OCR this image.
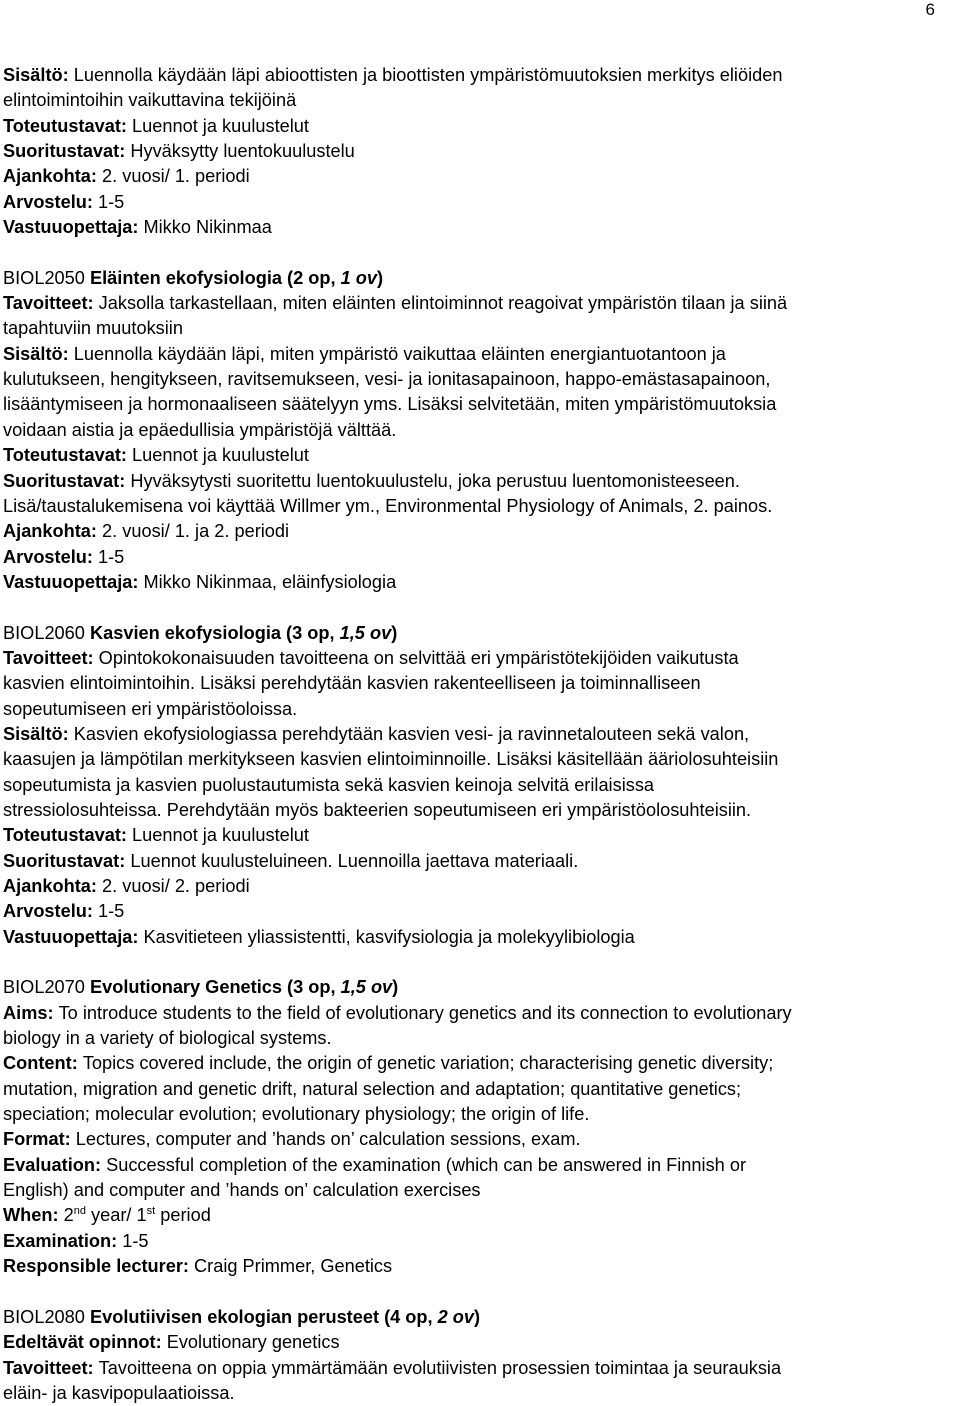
6
Sisältö: Luennolla käydään läpi abioottisten ja bioottisten ympäristömuutoksien merkitys eliöiden
elintoimintoihin vaikuttavina tekijöinä
Toteutustavat: Luennot ja kuulustelut
Suoritustavat: Hyväksytty luentokuulustelu
Ajankohta: 2. vuosi/ 1. periodi
Arvostelu: 1-5
Vastuuopettaja: Mikko Nikinmaa
BIOL2050 Eläinten ekofysiologia (2 op, 1 ov)
Tavoitteet: Jaksolla tarkastellaan, miten eläinten elintoiminnot reagoivat ympäristön tilaan ja siinä
tapahtuviin muutoksiin
Sisältö: Luennolla käydään läpi, miten ympäristö vaikuttaa eläinten energiantuotantoon ja
kulutukseen, hengitykseen, ravitsemukseen, vesi- ja ionitasapainoon, happo-emästasapainoon,
lisääntymiseen ja hormonaaliseen säätelyyn yms. Lisäksi selvitetään, miten ympäristömuutoksia
voidaan aistia ja epäedullisia ympäristöjä välttää.
Toteutustavat: Luennot ja kuulustelut
Suoritustavat: Hyväksytysti suoritettu luentokuulustelu, joka perustuu luentomonisteeseen.
Lisä/taustalukemisena voi käyttää Willmer ym., Environmental Physiology of Animals, 2. painos.
Ajankohta: 2. vuosi/ 1. ja 2. periodi
Arvostelu: 1-5
Vastuuopettaja: Mikko Nikinmaa, eläinfysiologia
BIOL2060 Kasvien ekofysiologia (3 op, 1,5 ov)
Tavoitteet: Opintokokonaisuuden tavoitteena on selvittää eri ympäristötekijöiden vaikutusta
kasvien elintoimintoihin. Lisäksi perehdytään kasvien rakenteelliseen ja toiminnalliseen
sopeutumiseen eri ympäristöoloissa.
Sisältö: Kasvien ekofysiologiassa perehdytään kasvien vesi- ja ravinnetalouteen sekä valon,
kaasujen ja lämpötilan merkitykseen kasvien elintoiminnoille. Lisäksi käsitellään ääriolosuhteisiin
sopeutumista ja kasvien puolustautumista sekä kasvien keinoja selvitä erilaisissa
stressiolosuhteissa. Perehdytään myös bakteerien sopeutumiseen eri ympäristöolosuhteisiin.
Toteutustavat: Luennot ja kuulustelut
Suoritustavat: Luennot kuulusteluineen. Luennoilla jaettava materiaali.
Ajankohta: 2. vuosi/ 2. periodi
Arvostelu: 1-5
Vastuuopettaja: Kasvitieteen yliassistentti, kasvifysiologia ja molekyylibiologia
BIOL2070 Evolutionary Genetics (3 op, 1,5 ov)
Aims: To introduce students to the field of evolutionary genetics and its connection to evolutionary
biology in a variety of biological systems.
Content: Topics covered include, the origin of genetic variation; characterising genetic diversity;
mutation, migration and genetic drift, natural selection and adaptation; quantitative genetics;
speciation; molecular evolution; evolutionary physiology; the origin of life.
Format: Lectures, computer and ’hands on’ calculation sessions, exam.
Evaluation: Successful completion of the examination (which can be answered in Finnish or
English) and computer and ’hands on’ calculation exercises
When: 2nd year/ 1st period
Examination: 1-5
Responsible lecturer: Craig Primmer, Genetics
BIOL2080 Evolutiivisen ekologian perusteet (4 op, 2 ov)
Edeltävät opinnot: Evolutionary genetics
Tavoitteet: Tavoitteena on oppia ymmärtämään evolutiivisten prosessien toimintaa ja seurauksia
eläin- ja kasvipopulaatioissa.
